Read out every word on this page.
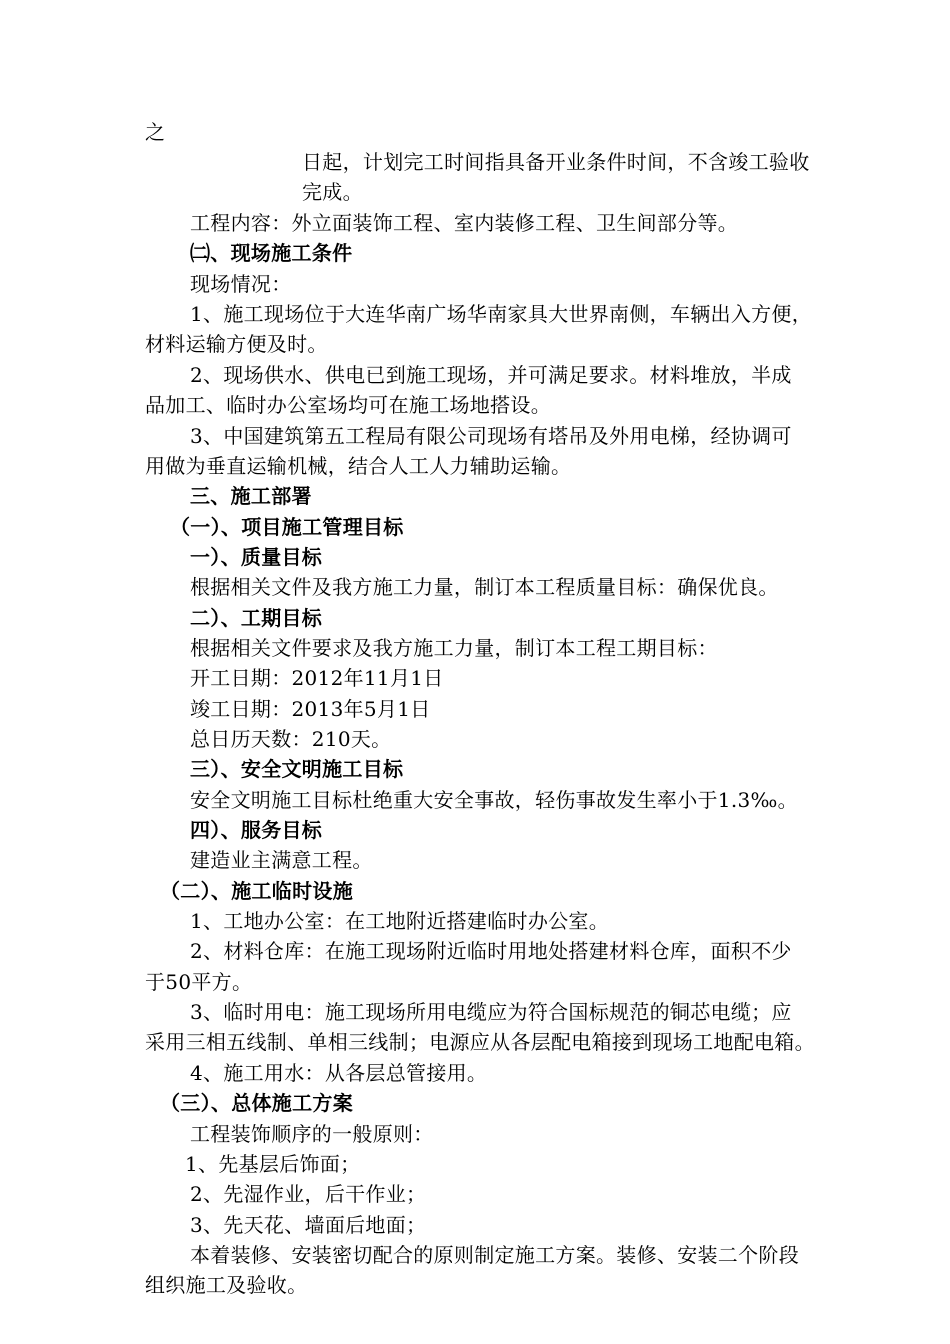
之
日起，计划完工时间指具备开业条件时间，不含竣工验收
完成。
工程内容：外立面装饰工程、室内装修工程、卫生间部分等。
㈡、现场施工条件
现场情况：
1、施工现场位于大连华南广场华南家具大世界南侧，车辆出入方便，
材料运输方便及时。
2、现场供水、供电已到施工现场，并可满足要求。材料堆放，半成
品加工、临时办公室场均可在施工场地搭设。
3、中国建筑第五工程局有限公司现场有塔吊及外用电梯，经协调可
用做为垂直运输机械，结合人工人力辅助运输。
三、施工部署
（一）、项目施工管理目标
一）、质量目标
根据相关文件及我方施工力量，制订本工程质量目标：确保优良。
二）、工期目标
根据相关文件要求及我方施工力量，制订本工程工期目标：
开工日期：2012年11月1日
竣工日期：2013年5月1日
总日历天数：210天。
三）、安全文明施工目标
安全文明施工目标杜绝重大安全事故，轻伤事故发生率小于1.3‰。
四）、服务目标
建造业主满意工程。
（二）、施工临时设施
1、工地办公室：在工地附近搭建临时办公室。
2、材料仓库：在施工现场附近临时用地处搭建材料仓库，面积不少
于50平方。
3、临时用电：施工现场所用电缆应为符合国标规范的铜芯电缆；应
采用三相五线制、单相三线制；电源应从各层配电箱接到现场工地配电箱。
4、施工用水：从各层总管接用。
（三）、总体施工方案
工程装饰顺序的一般原则：
1、先基层后饰面；
2、先湿作业，后干作业；
3、先天花、墙面后地面；
本着装修、安装密切配合的原则制定施工方案。装修、安装二个阶段
组织施工及验收。
